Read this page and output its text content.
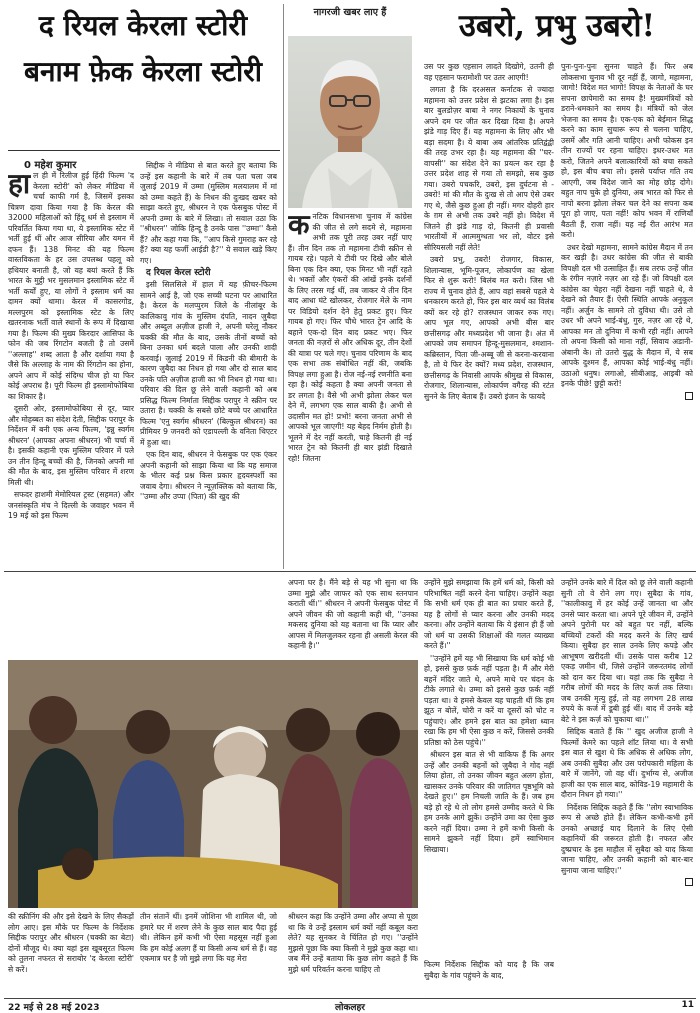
द रियल केरला स्टोरी बनाम फ़ेक केरला स्टोरी
0 महेश कुमार

हाल ही में रिलीज हुई हिंदी फिल्म 'द केरला स्टोरी' को लेकर मीडिया में चर्चा काफी गर्म है, जिसमें इसका चित्रण दावा किया गया है कि केरल की 32000 महिलाओं को हिंदू धर्म से इस्लाम में परिवर्तित किया गया था, ये इस्लामिक स्टेट में भर्ती हुई थीं और आज सीरिया और यमन में दफन हैं। 138 मिनट की यह फिल्म वास्तविकता के हर उस उपलब्ध पहलू को हथियार बनाती है, जो यह बयां करते हैं कि भारत के मुट्ठी भर मुसलमान इस्लामिक स्टेट में भर्ती कर्यों हुए, या लोगों ने इस्लाम धर्म का दामन क्यों थामा। केरल में कासरगोड, मल्लपुरम को इस्लामिक स्टेट के लिए खतरनाक भर्ती वाले स्थानों के रूप में दिखाया गया है। फिल्म की मुख्य किरदार आसिफा के फोन की जब रिंगटोन बजती है तो उसमें ''अल्लाह'' शब्द आता है और दर्शाया गया है जैसे कि अल्लाह के नाम की रिंगटोन का होना, अपने आप में कोई संदिग्ध चीज हो या फिर कोई अपराध है। पूरी फिल्म ही इस्लामोफोबिया का शिकार है।

दूसरी ओर, इस्लामोफोबिया से दूर, प्यार और मोहब्बत का संदेश देती, सिद्दीक परापुर के निर्देशन में बनी एक अन्य फिल्म, 'इन्नु स्वर्गम श्रीधरन' (आपका अपना श्रीधरन) भी चर्चा में है। इसकी कहानी एक मुस्लिम परिवार में पले उन तीन हिन्दू बच्चों की है, जिनको अपनी मां की मौत के बाद, इस मुस्लिम परिवार में शरण मिली थी।

सफदर हाशमी मेमोरियल ट्रस्ट (सहमत) और जनसंस्कृति मंच ने दिल्ली के जवाहर भवन में 19 मई को इस फिल्म

सिद्दीक ने मीडिया से बात करते हुए बताया कि उन्हें इस कहानी के बारे में तब पता चला जब जुलाई 2019 में उम्मा (मुस्लिम मलयालम में मां को उम्मा कहते हैं) के निधन की दुःखद खबर को साझा करते हुए, श्रीधरन ने एक फेसबुक पोस्ट में अपनी उम्मा के बारे में लिखा। तो सवाल उठा कि ''श्रीधरन'' जोकि हिन्दू है उनके पास ''उम्मा'' कैसे हैं? और कहा गया कि, ''आप किसे गुमराह कर रहे हैं? क्या यह फर्जी आईडी है?'' ये सवाल खड़े किए गए।

द रियल केरल स्टोरी

इसी सिलसिले में हाल में यह फ़ीचर-फिल्म सामने आई है, जो एक सच्ची घटना पर आधारित है। केरल के मलप्पुरम जिले के नीलांबूर के कालिकावु गांव के मुस्लिम दंपति, नादन जुबैदा और अब्दुल अज़ीज हाजी ने, अपनी घरेलू नौकर चक्की की मौत के बाद, उसके तीनों बच्चों को बिना उनका धर्म बदले पाला और उनकी शादी करवाई। जुलाई 2019 में किडनी की बीमारी के कारण जुबैदा का निधन हो गया और दो साल बाद उनके पति अज़ीज हाजी का भी निधन हो गया था। परिवार की दिल छू लेने वाली कहानी को अब प्रसिद्ध फिल्म निर्माता सिद्दीक परापुर ने स्क्रीन पर उतारा है। चक्की के सबसे छोटे बच्चे पर आधारित फिल्म 'एनु स्वर्गम श्रीधरन' (बिल्कुल श्रीधरन) का प्रीमियर 9 जनवरी को एडापल्ली के वनिता थिएटर में हुआ था।

एक दिन बाद, श्रीधरन ने फेसबुक पर एक एंकर अपनी कहानी को साझा किया था कि यह समाज के भीतर कई प्रश्न किस प्रकार हृदयस्पर्शी का जवाब देगा। श्रीधरन ने न्यूज़क्लिक को बताया कि, ''उम्मा और उप्पा (पिता) की खुद की

नागरजी खबर लाए हैं	उबरो, प्रभु उबरो!

कनटिक विधानसभा चुनाव में कांग्रेस की जीत से लगे सदमे से, महामना अभी तक पूरी तरह उबर नहीं पाए हैं। तीन दिन तक तो महामना टीवी स्क्रीन से गायब रहे। पहले ये टीवी पर दिखे और बोले बिना एक दिन क्या, एक मिनट भी नहीं रहते थे। भक्तों और एंकरों की आंखें इनके दर्शनों के लिए तरस गई थीं, तब जाकर ये तीन दिन बाद आधा घंटे खोलकर, रोजगार मेले के नाम पर विडियो दर्शन देने हेतु प्रकट हुए। फिर गायब हो गए। फिर चौथे भारत ट्रेन आदि के बहाने एक-दो दिन बाद प्रकट भए। फिर जनता की नज़रों से और अधिक दूर, तीन देशों की यात्रा पर चले गए। चुनाव परिणाम के बाद एक सभा तक संबोधित नहीं की, जबकि विपक्ष लगा हुआ है। रोज नई-नई रणनीति बना रहा है। कोई कहता है क्या अपनी जनता से डर लगता है। वैसे भी अभी झोला लेकर चल देने में, लगभग एक साल बाकी है। अभी से उदासीन मत हो! प्रभो! बरना जनता अभी से आपको भूल जाएगी! यह बेहद निर्मम होती है। भूलने में देर नहीं करती, चाहे कितनी ही नई भारत ट्रेन को कितनी ही बार झंडी दिखाते रहो! जितना

उस पर कुछ एहसान लादते दिखोगे, उतनी ही वह एहसान फरामोशी पर उतर आएगी!

लगता है कि दरअसल कर्नाटक से ज्यादा महामना को उत्तर प्रदेश से झटका लगा है। इस बार बुलडोज़र बाबा ने नगर निकायों के चुनाव अपने दम पर जीत कर दिखा दिया है। अपने झंडे गाड़ दिए हैं। यह महामना के लिए और भी बड़ा सदमा है। ये बाबा अब आंतरिक प्रतिद्वंद्वी की तरह उभर रहा है। यह महामना की ''घर-वापसी'' का संदेश देने का प्रयत्न कर रहा है उत्तर प्रदेश शाह से गया तो समझो, सब कुछ गया। उबरो पचकरि, उबरो, इस दुर्घटना से - उबरो! मां की मौत के दुःख से तो आप ऐसे उबर गए थे, जैसे कुछ हुआ ही नहीं। मगर दोहरी हार के ग़म से अभी तक उबरे नहीं हो। विदेश में जितने ही झंडे गाड़ दो, कितनी ही प्रवासी भारतीयों में आत्ममुग्धता भर लो, वोटर इसे सीरियसली नहीं लेते!

उबरो प्रभु, उबरो! रोजगार, विकास, शिलान्यास, भूमि-पूजन, लोकार्पण का खेला फिर से शुरू करो! बिलंब मत करो। जिस भी राज्य में चुनाव होते हैं, आप वहां सबसे पहले ये धनकारम करते हो, फिर इस बार व्यर्थ का विलंब क्यों कर रहे हो? राजस्थान जाकर रुक गए। आप भूल गए, आपको अभी बीस बार छत्तीसगढ़ और मध्यप्रदेश भी जाना है। अंत में आपको जय समापन हिन्दू-मुसलमान, श्मशान-कब्रिस्तान, पिता जी-अब्बू जी से करना-करवाना है, तो ये फिर देर क्यों? मध्य प्रदेश, राजस्थान, छत्तीसगढ़ के निवासी आपके श्रीमुख से विकास, रोजगार, शिलान्यास, लोकार्पण वगैरह की रटंत सुनने के लिए बेताब हैं। उबरो इंजन के फायदे

पुनः-पुनः-पुनः सुनना चाहते हैं। फिर अब लोकसभा चुनाव भी दूर नहीं हैं, जागो, महामना, जागो! विदेश मत भागो! विपक्ष के नेताओं के घर सपना छापेमारी का समय है! मुख्यमंत्रियों को डराने-धमकाने का समय है। मंत्रियों को जेल भेजना का समय है। एक-एक को बेईमान सिद्ध करने का काम सुचारू रूप से चलना चाहिए, उसमें और गति आनी चाहिए। अभी फोकस इन तीन राज्यों पर रहना चाहिए। इधर-उधर मत करो, जितने अपने बलात्कारियों को बचा सकते हो, इस बीच बचा लो। इससे पर्याप्त गति तय आएगी, जब विदेश जाने का मोह छोड़ दोगे। बहुत नाप चुके हो दुनिया, अब भारत को फिर से नापो बरना झोला लेकर चल देने का सपना कब पूरा हो जाए, पता नहीं! कोप भवन में राणियाँ बैठती हैं, राजा नहीं। यह नई रीत आरंभ मत करो।

उधर देखो महामना, सामने कांग्रेस मैदान में तन कर खड़ी है। उधर कांग्रेस की जीत से बाकी विपक्षी दल भी उत्साहित हैं। सब तरफ उन्हें जीत के रंगीन नज़ारे नज़र आ रहे हैं। जो विपक्षी दल कांग्रेस का चेहरा नहीं देखना नहीं चाहते थे, वे देखने को तैयार हैं। ऐसी स्थिति आपके अनुकूल नहीं। अर्जुन के सामने तो दुविधा थी। उसे तो उधर भी अपने भाई-बंधु, गुरु, नज़र आ रहे थे, आपका मन तो दुनिया में कभी रही नहीं। आपने तो अपना किसी को माना नहीं, सिवाय अडानी-अंबानी के। तो उतरो युद्ध के मैदान में, ये सब आपके दुश्मन हैं, आपका कोई भाई-बंधु नहीं। उठाओ धनुष। लगाओ, सीबीआइ, आइबी को इनके पीछे! छुट्टी करो!

अपना घर है। मैंने बड़े से यह भी सुना था कि उम्मा मुझे और जाफर को एक साथ स्तनपान कराती थीं।'' श्रीधरन ने अपनी फेसबुक पोस्ट में अपने जीवन की जो कहानी कही थी, ''उनका मकसद दुनिया को यह बताना था कि प्यार और आपस में मिलजुलकर रहना ही असली केरल की कहानी है।''

उन्होंने मुझे समझाया कि हमें धर्म को, किसी को परिभाषित नहीं करने देना चाहिए। उन्होंने कहा कि सभी धर्म एक ही बात का प्रचार करते हैं, यह है लोगों से प्यार करना और उनकी मदद करना। और उन्होंने बताया कि ये इंसान ही हैं जो जो धर्म या उसकी शिक्षाओं की गलत व्याख्या करते हैं।''

''उन्होंने हमें यह भी सिखाया कि धर्म कोई भी हो, इससे कुछ फ़र्क नहीं पड़ता है। मैं और मेरी बहनें मंदिर जाते थे, अपने माथे पर चंदन के टीके लगाते थे। उम्मा को इससे कुछ फ़र्क नहीं पड़ता था। वे हमसे केवल यह चाहती थीं कि हम झूठ न बोलें, चोरी न करें या दूसरों को चोट न पहुंचाएं। और हमने इस बात का हमेशा ध्यान रखा कि हम भी ऐसा कुछ न करें, जिससे उनकी प्रतिष्ठा को ठेस पहुंचे।''

श्रीधरन इस बात से भी वाकिफ हैं कि अगर उन्हें और उनकी बहनों को जुबैदा ने गोद नहीं लिया होता, तो उनका जीवन बहुत अलग होता, खासकर उनके परिवार की जातिगत पृष्ठभूमि को देखते हुए।'' हम निचली जाति के हैं। जब हम बड़े हो रहे थे तो लोग हमसे उम्मीद करते थे कि हम उनके आगे झुकें। उन्होंने उमा का ऐसा कुछ करने नहीं दिया। उम्मा ने हमें कभी किसी के सामने झुकने नहीं दिया। हमें स्वाभिमान सिखाया।

उन्होंने उनके बारे में दिल को छू लेने वाली कहानी सुनी तो वे रोने लग गए। सुबैदा के गांव, ''कालीकावु में हर कोई उन्हें जानता था और उनसे प्यार करता था। अपने पूरे जीवन में, उन्होंने अपने पुरोनी घर को बहुत पर नहीं, बल्कि बच्चियों टकरों की मदद करने के लिए खर्च किया। सुबैदा हर साल उनके लिए कपड़े और आभूषण खरीदती थीं। उसके पास करीब 12 एकड़ जमीन थी, जिसे उन्होंने जरूरतमंद लोगों को दान कर दिया था। यहां तक कि सुबैदा ने गरीब लोगों की मदद के लिए कर्ज तक लिया। जब उनकी मृत्यु हुई, तो वह लगभग 28 लाख रुपये के कर्ज में डूबी हुई थीं। बाद में उनके बड़े बेटे ने इस कर्ज़ को चुकाया था।''

सिद्दिक बताते हैं कि '' खुद अजीज हाजी ने फिल्मों केमरे का पहले शॉट लिया था। वे सभी इस बात से खुश थे कि अधिक से अधिक लोग, अब उनकी सुबैदा और उस परोपकारी महिला के बारे में जानेंगे, जो वह थीं। दुर्भाग्य से, अजीज हाजी का एक साल बाद, कोविड-19 महामारी के दौरान निधन हो गया।''

निर्देशक सिद्दिक कहते हैं कि ''लोग स्वाभाविक रूप से अच्छे होते हैं। लेकिन कभी-कभी हमें उनको अच्छाई याद दिलाने के लिए ऐसी कहानियों की जरूरत होती है। नफरत और दुष्प्रचार के इस माहौल में सुबैदा को याद किया जाना चाहिए, और उनकी कहानी को बार-बार सुनाया जाना चाहिए।''

की स्क्रीनिंग की और इसे देखने के लिए सैकड़ों लोग आए। इस मौके पर फिल्म के निर्देशक सिद्दीक परापुर और श्रीधरन (चक्की का बेटा) दोनों मौजूद थे। क्या यहां इस खूबसूरत फिल्म को तुलना नफरत से सराबोर 'द केरला स्टोरी' से करें।

तीन संतानें थीं। इनमें जोशिना भी शामिल थी, जो हमारे घर में शरण लेने के कुछ साल बाद पैदा हुई थी। लेकिन हमें कभी भी ऐसा महसूस नहीं हुआ कि हम कोई अलग हैं या किसी अन्य धर्म से हैं। वह एकमात्र घर है जो मुझे लगा कि यह मेरा

श्रीधरन कहा कि उन्होंने उम्मा और अप्पा से पूछा था कि वे उन्हें इस्लाम धर्म क्यों नहीं कबूल करा लेते? यह सुनकर वे चिंतित हो गए। ''उन्होंने मुझसे पूछा कि क्या किसी ने मुझे कुछ कहा था। जब मैंने उन्हें बताया कि कुछ लोग कहते हैं कि मुझे धर्म परिवर्तन करना चाहिए तो	फिल्म निर्देशक सिद्दीक को याद है कि जब सुबैदा के गांव पहुंचने के बाद,

22 मई से 28 मई 2023	लोकलहर	11
